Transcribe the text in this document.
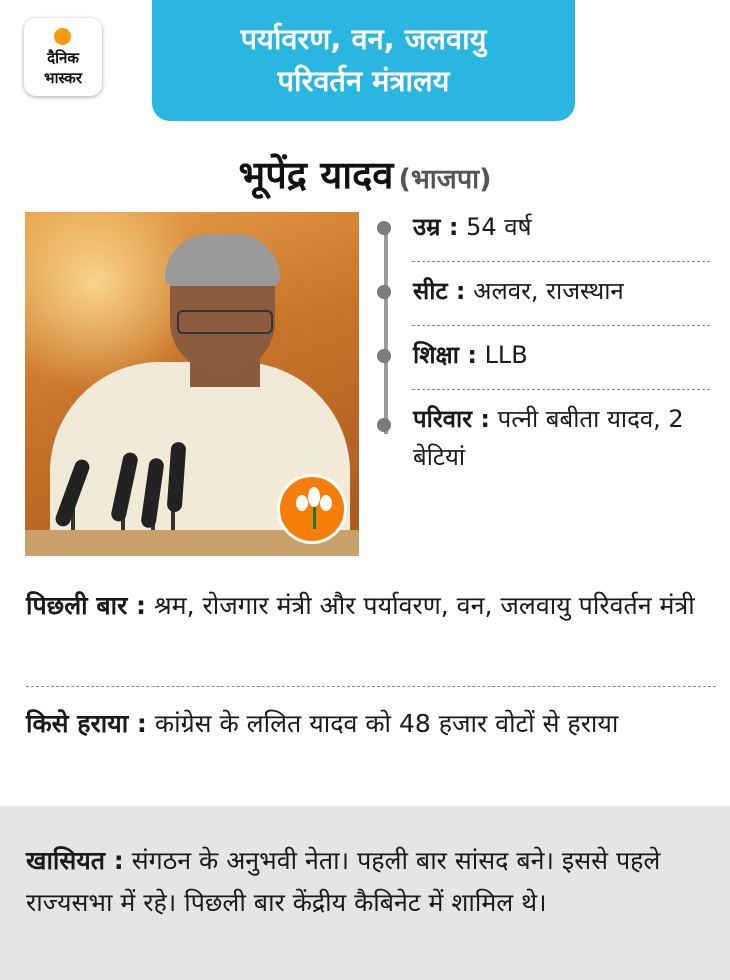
दैनिक
भास्कर
पर्यावरण, वन, जलवायु
परिवर्तन मंत्रालय
भूपेंद्र यादव (भाजपा)
उम्र : 54 वर्ष
सीट : अलवर, राजस्थान
शिक्षा : LLB
परिवार : पत्नी बबीता यादव, 2 बेटियां
पिछली बार : श्रम, रोजगार मंत्री और पर्यावरण, वन, जलवायु परिवर्तन मंत्री
किसे हराया : कांग्रेस के ललित यादव को 48 हजार वोटों से हराया
खासियत : संगठन के अनुभवी नेता। पहली बार सांसद बने। इससे पहले राज्यसभा में रहे। पिछली बार केंद्रीय कैबिनेट में शामिल थे।
